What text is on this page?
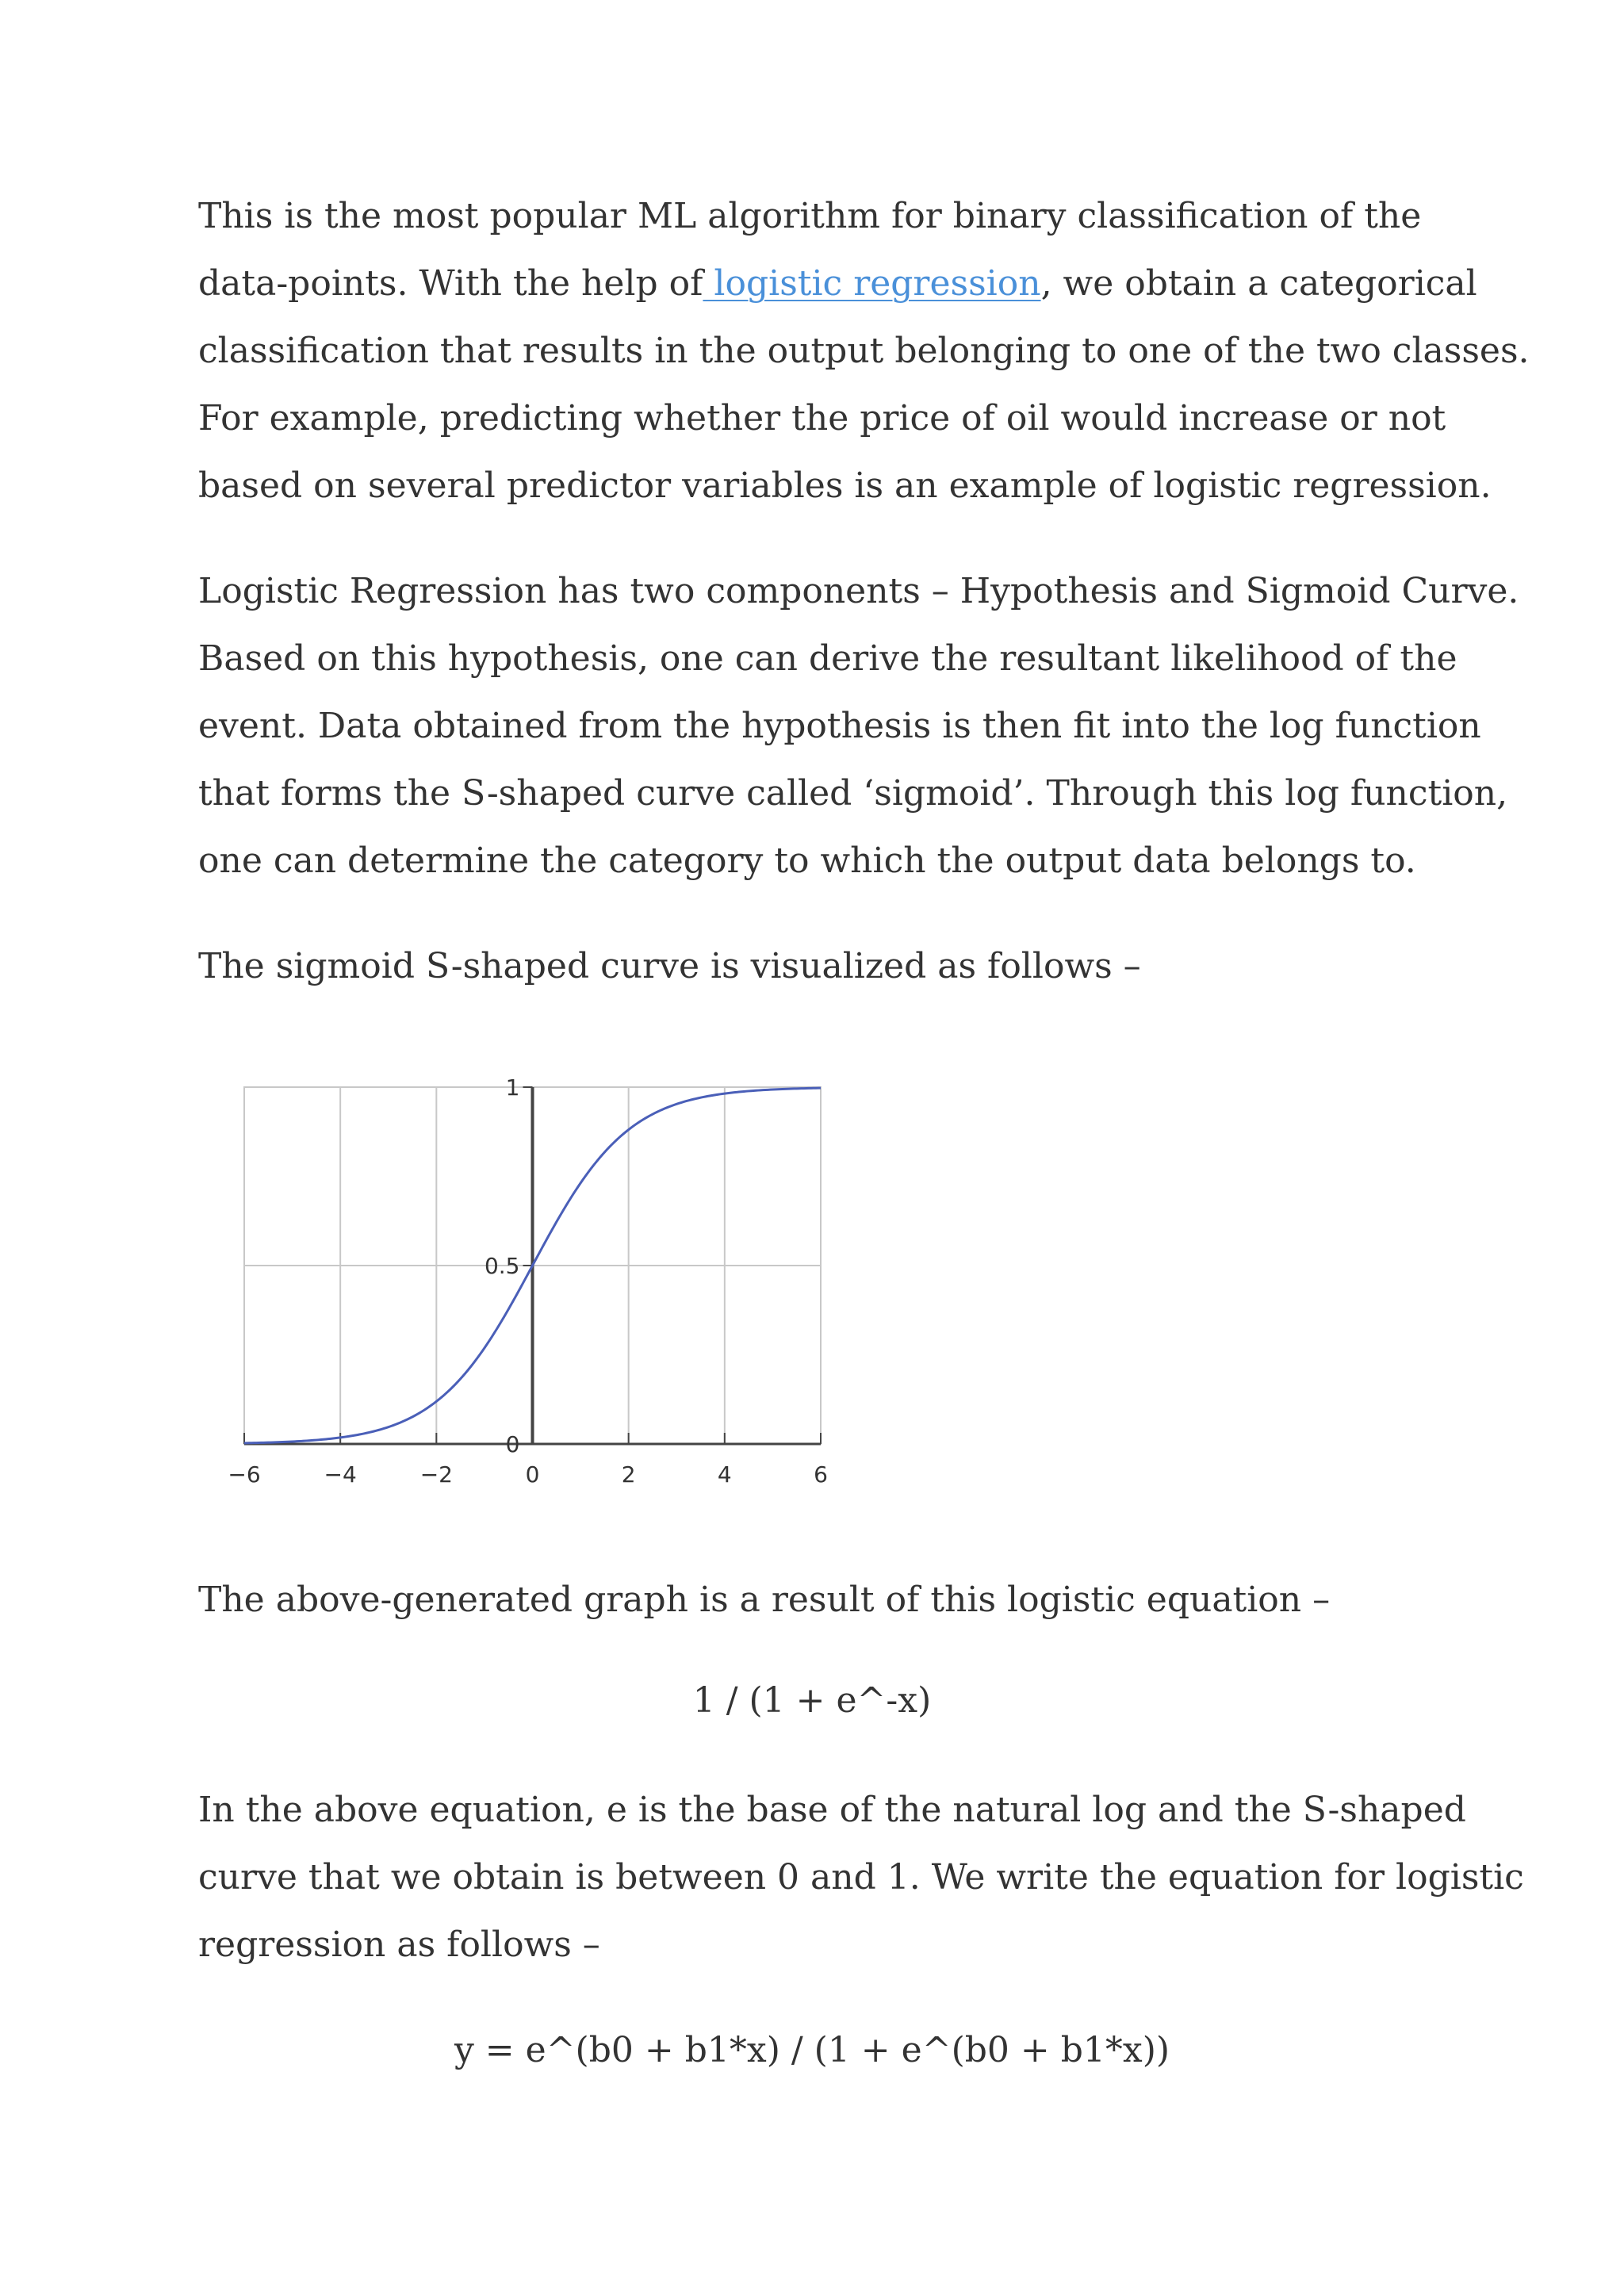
This is the most popular ML algorithm for binary classification of the
data-points. With the help of logistic regression, we obtain a categorical
classification that results in the output belonging to one of the two classes.
For example, predicting whether the price of oil would increase or not
based on several predictor variables is an example of logistic regression.

Logistic Regression has two components – Hypothesis and Sigmoid Curve.
Based on this hypothesis, one can derive the resultant likelihood of the
event. Data obtained from the hypothesis is then fit into the log function
that forms the S-shaped curve called ‘sigmoid’. Through this log function,
one can determine the category to which the output data belongs to.

The sigmoid S-shaped curve is visualized as follows –

−6	−4	−2	0	2	4	6
0
0.5
1
The above-generated graph is a result of this logistic equation –
1 / (1 + e^-x)
In the above equation, e is the base of the natural log and the S-shaped
curve that we obtain is between 0 and 1. We write the equation for logistic
regression as follows –
y = e^(b0 + b1*x) / (1 + e^(b0 + b1*x))
